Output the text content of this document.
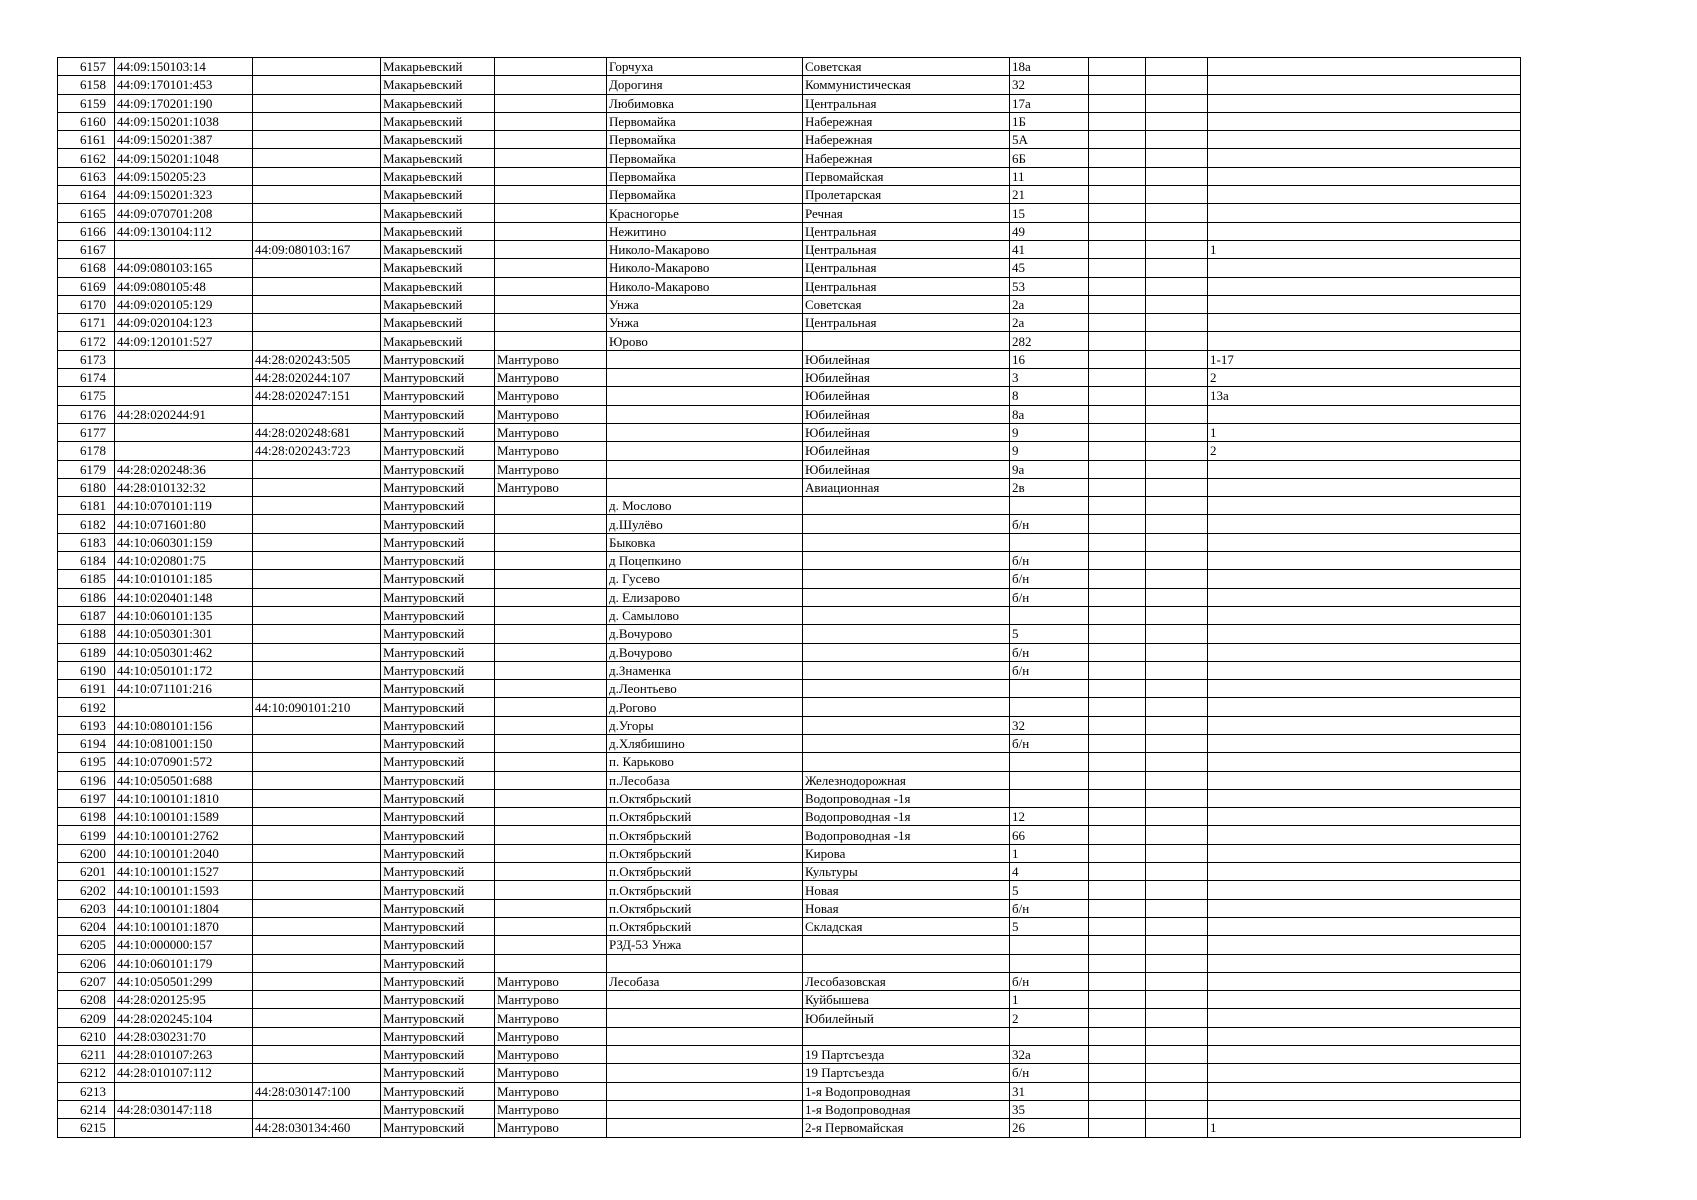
6157	44:09:150103:14		Макарьевский		Горчуха	Советская	18а			
6158	44:09:170101:453		Макарьевский		Дорогиня	Коммунистическая	32			
6159	44:09:170201:190		Макарьевский		Любимовка	Центральная	17а			
6160	44:09:150201:1038		Макарьевский		Первомайка	Набережная	1Б			
6161	44:09:150201:387		Макарьевский		Первомайка	Набережная	5А			
6162	44:09:150201:1048		Макарьевский		Первомайка	Набережная	6Б			
6163	44:09:150205:23		Макарьевский		Первомайка	Первомайская	11			
6164	44:09:150201:323		Макарьевский		Первомайка	Пролетарская	21			
6165	44:09:070701:208		Макарьевский		Красногорье	Речная	15			
6166	44:09:130104:112		Макарьевский		Нежитино	Центральная	49			
6167		44:09:080103:167	Макарьевский		Николо-Макарово	Центральная	41			1
6168	44:09:080103:165		Макарьевский		Николо-Макарово	Центральная	45			
6169	44:09:080105:48		Макарьевский		Николо-Макарово	Центральная	53			
6170	44:09:020105:129		Макарьевский		Унжа	Советская	2а			
6171	44:09:020104:123		Макарьевский		Унжа	Центральная	2а			
6172	44:09:120101:527		Макарьевский		Юрово		282			
6173		44:28:020243:505	Мантуровский	Мантурово		Юбилейная	16			1-17
6174		44:28:020244:107	Мантуровский	Мантурово		Юбилейная	3			2
6175		44:28:020247:151	Мантуровский	Мантурово		Юбилейная	8			13а
6176	44:28:020244:91		Мантуровский	Мантурово		Юбилейная	8а			
6177		44:28:020248:681	Мантуровский	Мантурово		Юбилейная	9			1
6178		44:28:020243:723	Мантуровский	Мантурово		Юбилейная	9			2
6179	44:28:020248:36		Мантуровский	Мантурово		Юбилейная	9а			
6180	44:28:010132:32		Мантуровский	Мантурово		Авиационная	2в			
6181	44:10:070101:119		Мантуровский		д. Мослово					
6182	44:10:071601:80		Мантуровский		д.Шулёво		б/н			
6183	44:10:060301:159		Мантуровский		Быковка					
6184	44:10:020801:75		Мантуровский		д Поцепкино		б/н			
6185	44:10:010101:185		Мантуровский		д. Гусево		б/н			
6186	44:10:020401:148		Мантуровский		д. Елизарово		б/н			
6187	44:10:060101:135		Мантуровский		д. Самылово					
6188	44:10:050301:301		Мантуровский		д.Вочурово		5			
6189	44:10:050301:462		Мантуровский		д.Вочурово		б/н			
6190	44:10:050101:172		Мантуровский		д.Знаменка		б/н			
6191	44:10:071101:216		Мантуровский		д.Леонтьево					
6192		44:10:090101:210	Мантуровский		д.Рогово					
6193	44:10:080101:156		Мантуровский		д.Угоры		32			
6194	44:10:081001:150		Мантуровский		д.Хлябишино		б/н			
6195	44:10:070901:572		Мантуровский		п. Карьково					
6196	44:10:050501:688		Мантуровский		п.Лесобаза	Железнодорожная				
6197	44:10:100101:1810		Мантуровский		п.Октябрьский	Водопроводная -1я				
6198	44:10:100101:1589		Мантуровский		п.Октябрьский	Водопроводная -1я	12			
6199	44:10:100101:2762		Мантуровский		п.Октябрьский	Водопроводная -1я	66			
6200	44:10:100101:2040		Мантуровский		п.Октябрьский	Кирова	1			
6201	44:10:100101:1527		Мантуровский		п.Октябрьский	Культуры	4			
6202	44:10:100101:1593		Мантуровский		п.Октябрьский	Новая	5			
6203	44:10:100101:1804		Мантуровский		п.Октябрьский	Новая	б/н			
6204	44:10:100101:1870		Мантуровский		п.Октябрьский	Складская	5			
6205	44:10:000000:157		Мантуровский		РЗД-53 Унжа					
6206	44:10:060101:179		Мантуровский							
6207	44:10:050501:299		Мантуровский	Мантурово	Лесобаза	Лесобазовская	б/н			
6208	44:28:020125:95		Мантуровский	Мантурово		Куйбышева	1			
6209	44:28:020245:104		Мантуровский	Мантурово		Юбилейный	2			
6210	44:28:030231:70		Мантуровский	Мантурово						
6211	44:28:010107:263		Мантуровский	Мантурово		19 Партсъезда	32а			
6212	44:28:010107:112		Мантуровский	Мантурово		19 Партсъезда	б/н			
6213		44:28:030147:100	Мантуровский	Мантурово		1-я Водопроводная	31			
6214	44:28:030147:118		Мантуровский	Мантурово		1-я Водопроводная	35			
6215		44:28:030134:460	Мантуровский	Мантурово		2-я Первомайская	26			1
